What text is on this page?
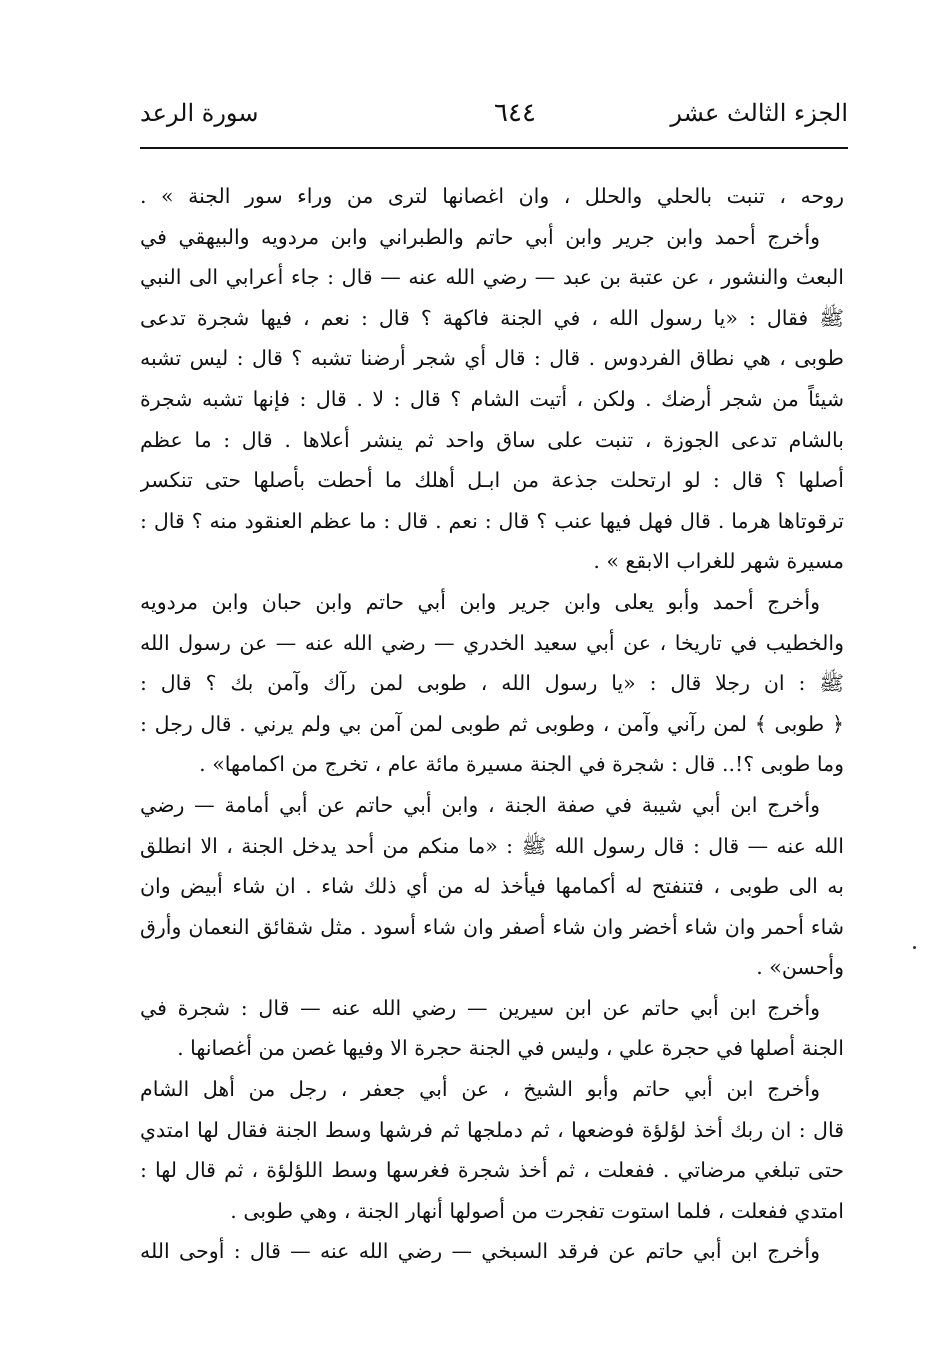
الجزء الثالث عشر
٦٤٤
سورة الرعد
روحه ، تنبت بالحلي والحلل ، وان اغصانها لترى من وراء سور الجنة » .
وأخرج أحمد وابن جرير وابن أبي حاتم والطبراني وابن مردويه والبيهقي في
البعث والنشور ، عن عتبة بن عبد — رضي الله عنه — قال : جاء أعرابي الى النبي
ﷺ فقال : «يا رسول الله ، في الجنة فاكهة ؟ قال : نعم ، فيها شجرة تدعى
طوبى ، هي نطاق الفردوس . قال : قال أي شجر أرضنا تشبه ؟ قال : ليس تشبه
شيئاً من شجر أرضك . ولكن ، أتيت الشام ؟ قال : لا . قال : فإنها تشبه شجرة
بالشام تدعى الجوزة ، تنبت على ساق واحد ثم ينشر أعلاها . قال : ما عظم
أصلها ؟ قال : لو ارتحلت جذعة من ابـل أهلك ما أحطت بأصلها حتى تنكسر
ترقوتاها هرما . قال فهل فيها عنب ؟ قال : نعم . قال : ما عظم العنقود منه ؟ قال :
مسيرة شهر للغراب الابقع » .
وأخرج أحمد وأبو يعلى وابن جرير وابن أبي حاتم وابن حبان وابن مردويه
والخطيب في تاريخا ، عن أبي سعيد الخدري — رضي الله عنه — عن رسول الله
ﷺ : ان رجلا قال : «يا رسول الله ، طوبى لمن رآك وآمن بك ؟ قال :
﴿ طوبى ﴾ لمن رآني وآمن ، وطوبى ثم طوبى لمن آمن بي ولم يرني . قال رجل :
وما طوبى ؟!.. قال : شجرة في الجنة مسيرة مائة عام ، تخرج من اكمامها» .
وأخرج ابن أبي شيبة في صفة الجنة ، وابن أبي حاتم عن أبي أمامة — رضي
الله عنه — قال : قال رسول الله ﷺ : «ما منكم من أحد يدخل الجنة ، الا انطلق
به الى طوبى ، فتنفتح له أكمامها فيأخذ له من أي ذلك شاء . ان شاء أبيض وان
شاء أحمر وان شاء أخضر وان شاء أصفر وان شاء أسود . مثل شقائق النعمان وأرق
وأحسن» .
وأخرج ابن أبي حاتم عن ابن سيرين — رضي الله عنه — قال : شجرة في
الجنة أصلها في حجرة علي ، وليس في الجنة حجرة الا وفيها غصن من أغصانها .
وأخرج ابن أبي حاتم وأبو الشيخ ، عن أبي جعفر ، رجل من أهل الشام
قال : ان ربك أخذ لؤلؤة فوضعها ، ثم دملجها ثم فرشها وسط الجنة فقال لها امتدي
حتى تبلغي مرضاتي . ففعلت ، ثم أخذ شجرة فغرسها وسط اللؤلؤة ، ثم قال لها :
امتدي ففعلت ، فلما استوت تفجرت من أصولها أنهار الجنة ، وهي طوبى .
وأخرج ابن أبي حاتم عن فرقد السبخي — رضي الله عنه — قال : أوحى الله
